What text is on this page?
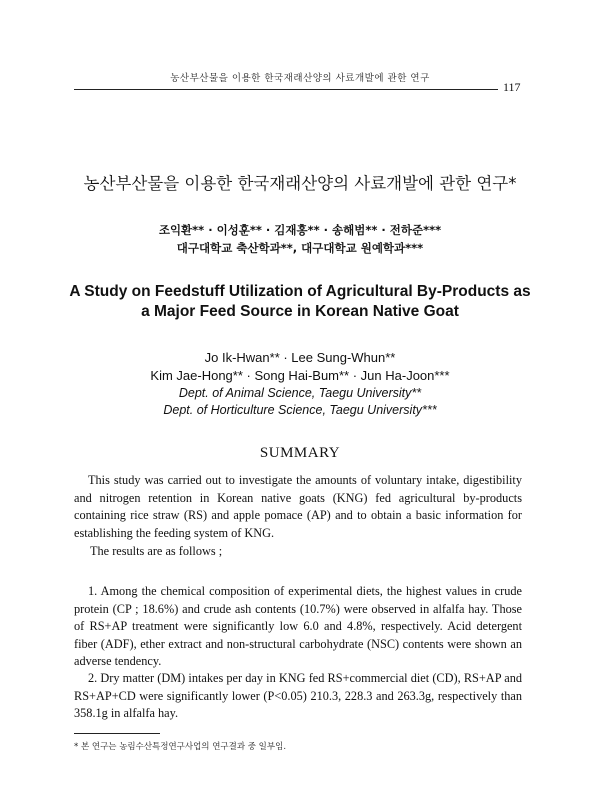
농산부산물을 이용한 한국재래산양의 사료개발에 관한 연구
117
농산부산물을 이용한 한국재래산양의 사료개발에 관한 연구*
조익환** · 이성훈** · 김재홍** · 송해범** · 전하준***
대구대학교 축산학과**, 대구대학교 원예학과***
A Study on Feedstuff Utilization of Agricultural By-Products as
a Major Feed Source in Korean Native Goat
Jo Ik-Hwan** · Lee Sung-Whun**
Kim Jae-Hong** · Song Hai-Bum** · Jun Ha-Joon***
Dept. of Animal Science, Taegu University**
Dept. of Horticulture Science, Taegu University***
SUMMARY

This study was carried out to investigate the amounts of voluntary intake, digestibility and nitrogen retention in Korean native goats (KNG) fed agricultural by-products containing rice straw (RS) and apple pomace (AP) and to obtain a basic information for establishing the feeding system of KNG.

The results are as follows ;

1. Among the chemical composition of experimental diets, the highest values in crude protein (CP ; 18.6%) and crude ash contents (10.7%) were observed in alfalfa hay. Those of RS+AP treatment were significantly low 6.0 and 4.8%, respectively. Acid detergent fiber (ADF), ether extract and non-structural carbohydrate (NSC) contents were shown an adverse tendency.

2. Dry matter (DM) intakes per day in KNG fed RS+commercial diet (CD), RS+AP and RS+AP+CD were significantly lower (P<0.05) 210.3, 228.3 and 263.3g, respectively than 358.1g in alfalfa hay.

* 본 연구는 농림수산특정연구사업의 연구결과 중 일부임.
